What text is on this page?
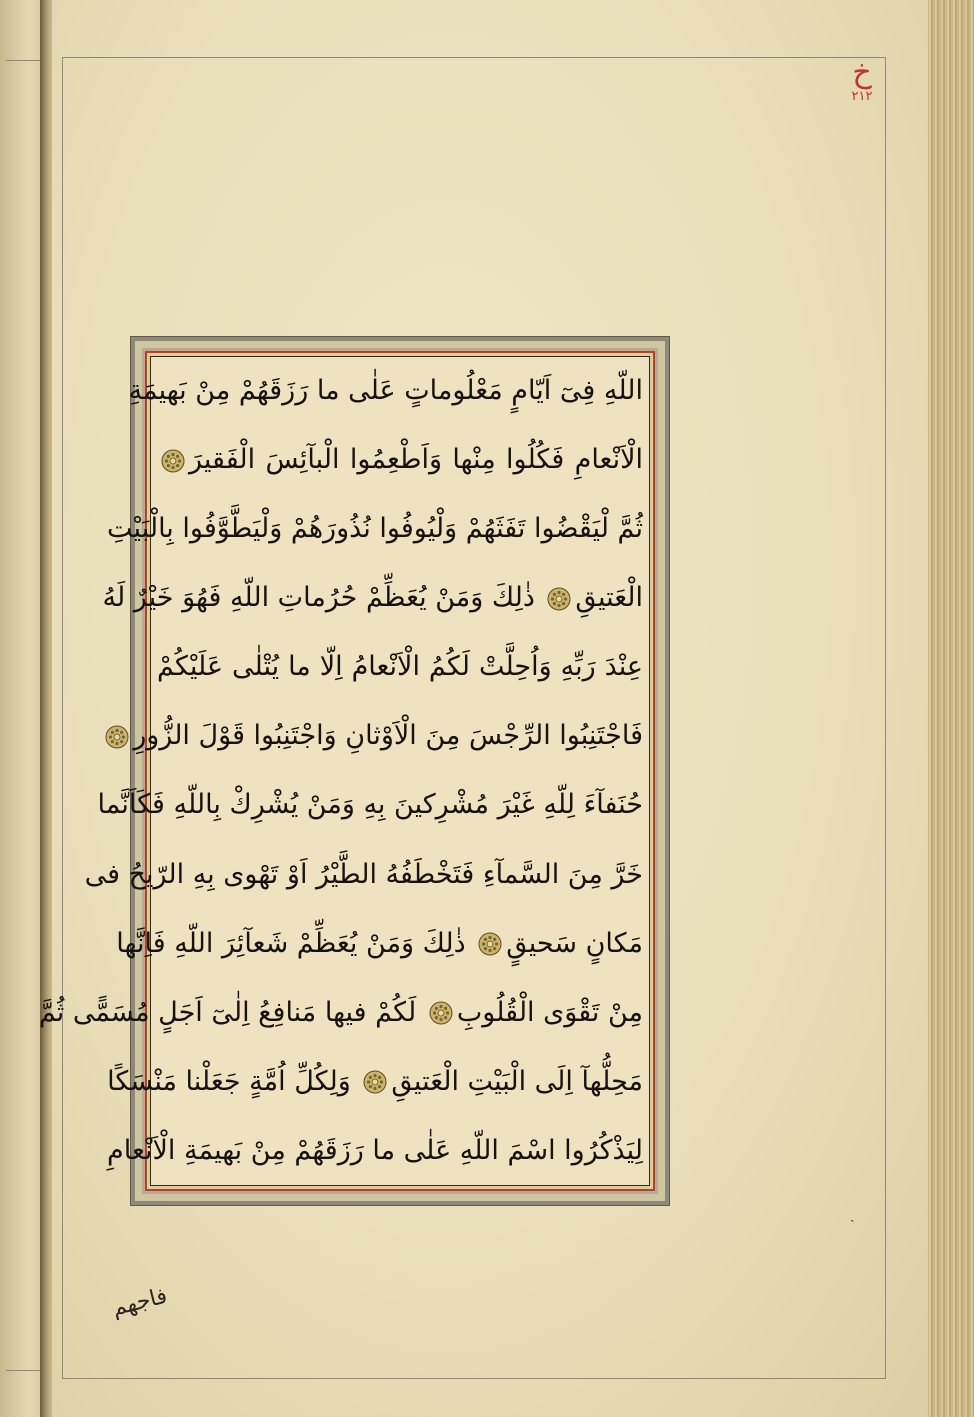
خ
٢١٢
اللّهِ فِىٓ اَيّامٍ مَعْلُوماتٍ عَلٰى ما رَزَقَهُمْ مِنْ بَهيمَةِ
الْاَنْعامِ فَكُلُوا مِنْها وَاَطْعِمُوا الْبآئِسَ الْفَقيرَ
ثُمَّ لْيَقْضُوا تَفَثَهُمْ وَلْيُوفُوا نُذُورَهُمْ وَلْيَطَّوَّفُوا بِالْبَيْتِ
الْعَتيقِ ذٰلِكَ وَمَنْ يُعَظِّمْ حُرُماتِ اللّهِ فَهُوَ خَيْرٌ لَهُ
عِنْدَ رَبِّهِ وَاُحِلَّتْ لَكُمُ الْاَنْعامُ اِلّا ما يُتْلٰى عَلَيْكُمْ
فَاجْتَنِبُوا الرِّجْسَ مِنَ الْاَوْثانِ وَاجْتَنِبُوا قَوْلَ الزُّورِ
حُنَفآءَ لِلّهِ غَيْرَ مُشْرِكينَ بِهِ وَمَنْ يُشْرِكْ بِاللّهِ فَكَاَنَّما
خَرَّ مِنَ السَّمآءِ فَتَخْطَفُهُ الطَّيْرُ اَوْ تَهْوى بِهِ الرّيحُ فى
مَكانٍ سَحيقٍ ذٰلِكَ وَمَنْ يُعَظِّمْ شَعآئِرَ اللّهِ فَاِنَّها
مِنْ تَقْوَى الْقُلُوبِ لَكُمْ فيها مَنافِعُ اِلٰىٓ اَجَلٍ مُسَمًّى ثُمَّ
مَحِلُّهآ اِلَى الْبَيْتِ الْعَتيقِ وَلِكُلِّ اُمَّةٍ جَعَلْنا مَنْسَكًا
لِيَذْكُرُوا اسْمَ اللّهِ عَلٰى ما رَزَقَهُمْ مِنْ بَهيمَةِ الْاَنْعامِ
فاجهم
ˎ
